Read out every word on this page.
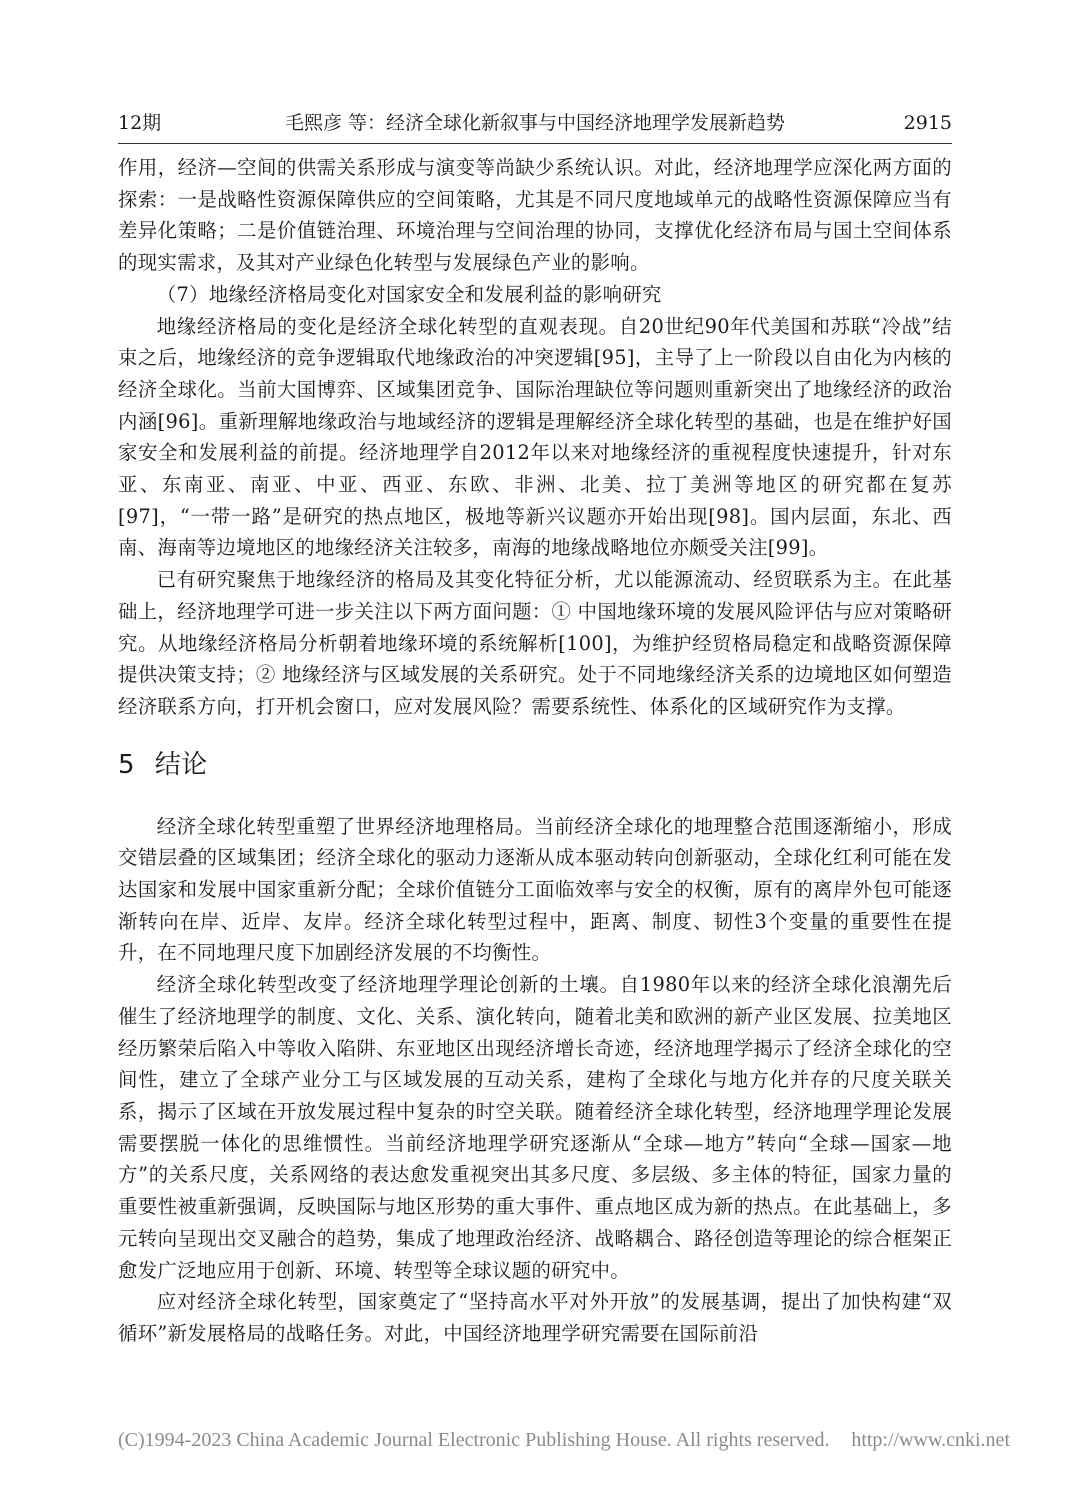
12期	毛熙彦 等：经济全球化新叙事与中国经济地理学发展新趋势	2915

作用，经济—空间的供需关系形成与演变等尚缺少系统认识。对此，经济地理学应深化两方面的探索：一是战略性资源保障供应的空间策略，尤其是不同尺度地域单元的战略性资源保障应当有差异化策略；二是价值链治理、环境治理与空间治理的协同，支撑优化经济布局与国土空间体系的现实需求，及其对产业绿色化转型与发展绿色产业的影响。

（7）地缘经济格局变化对国家安全和发展利益的影响研究

地缘经济格局的变化是经济全球化转型的直观表现。自20世纪90年代美国和苏联“冷战”结束之后，地缘经济的竞争逻辑取代地缘政治的冲突逻辑[95]，主导了上一阶段以自由化为内核的经济全球化。当前大国博弈、区域集团竞争、国际治理缺位等问题则重新突出了地缘经济的政治内涵[96]。重新理解地缘政治与地域经济的逻辑是理解经济全球化转型的基础，也是在维护好国家安全和发展利益的前提。经济地理学自2012年以来对地缘经济的重视程度快速提升，针对东亚、东南亚、南亚、中亚、西亚、东欧、非洲、北美、拉丁美洲等地区的研究都在复苏[97]，“一带一路”是研究的热点地区，极地等新兴议题亦开始出现[98]。国内层面，东北、西南、海南等边境地区的地缘经济关注较多，南海的地缘战略地位亦颇受关注[99]。

已有研究聚焦于地缘经济的格局及其变化特征分析，尤以能源流动、经贸联系为主。在此基础上，经济地理学可进一步关注以下两方面问题：① 中国地缘环境的发展风险评估与应对策略研究。从地缘经济格局分析朝着地缘环境的系统解析[100]，为维护经贸格局稳定和战略资源保障提供决策支持；② 地缘经济与区域发展的关系研究。处于不同地缘经济关系的边境地区如何塑造经济联系方向，打开机会窗口，应对发展风险？需要系统性、体系化的区域研究作为支撑。

5 结论

经济全球化转型重塑了世界经济地理格局。当前经济全球化的地理整合范围逐渐缩小，形成交错层叠的区域集团；经济全球化的驱动力逐渐从成本驱动转向创新驱动，全球化红利可能在发达国家和发展中国家重新分配；全球价值链分工面临效率与安全的权衡，原有的离岸外包可能逐渐转向在岸、近岸、友岸。经济全球化转型过程中，距离、制度、韧性3个变量的重要性在提升，在不同地理尺度下加剧经济发展的不均衡性。

经济全球化转型改变了经济地理学理论创新的土壤。自1980年以来的经济全球化浪潮先后催生了经济地理学的制度、文化、关系、演化转向，随着北美和欧洲的新产业区发展、拉美地区经历繁荣后陷入中等收入陷阱、东亚地区出现经济增长奇迹，经济地理学揭示了经济全球化的空间性，建立了全球产业分工与区域发展的互动关系，建构了全球化与地方化并存的尺度关联关系，揭示了区域在开放发展过程中复杂的时空关联。随着经济全球化转型，经济地理学理论发展需要摆脱一体化的思维惯性。当前经济地理学研究逐渐从“全球—地方”转向“全球—国家—地方”的关系尺度，关系网络的表达愈发重视突出其多尺度、多层级、多主体的特征，国家力量的重要性被重新强调，反映国际与地区形势的重大事件、重点地区成为新的热点。在此基础上，多元转向呈现出交叉融合的趋势，集成了地理政治经济、战略耦合、路径创造等理论的综合框架正愈发广泛地应用于创新、环境、转型等全球议题的研究中。

应对经济全球化转型，国家奠定了“坚持高水平对外开放”的发展基调，提出了加快构建“双循环”新发展格局的战略任务。对此，中国经济地理学研究需要在国际前沿

(C)1994-2023 China Academic Journal Electronic Publishing House. All rights reserved. http://www.cnki.net
